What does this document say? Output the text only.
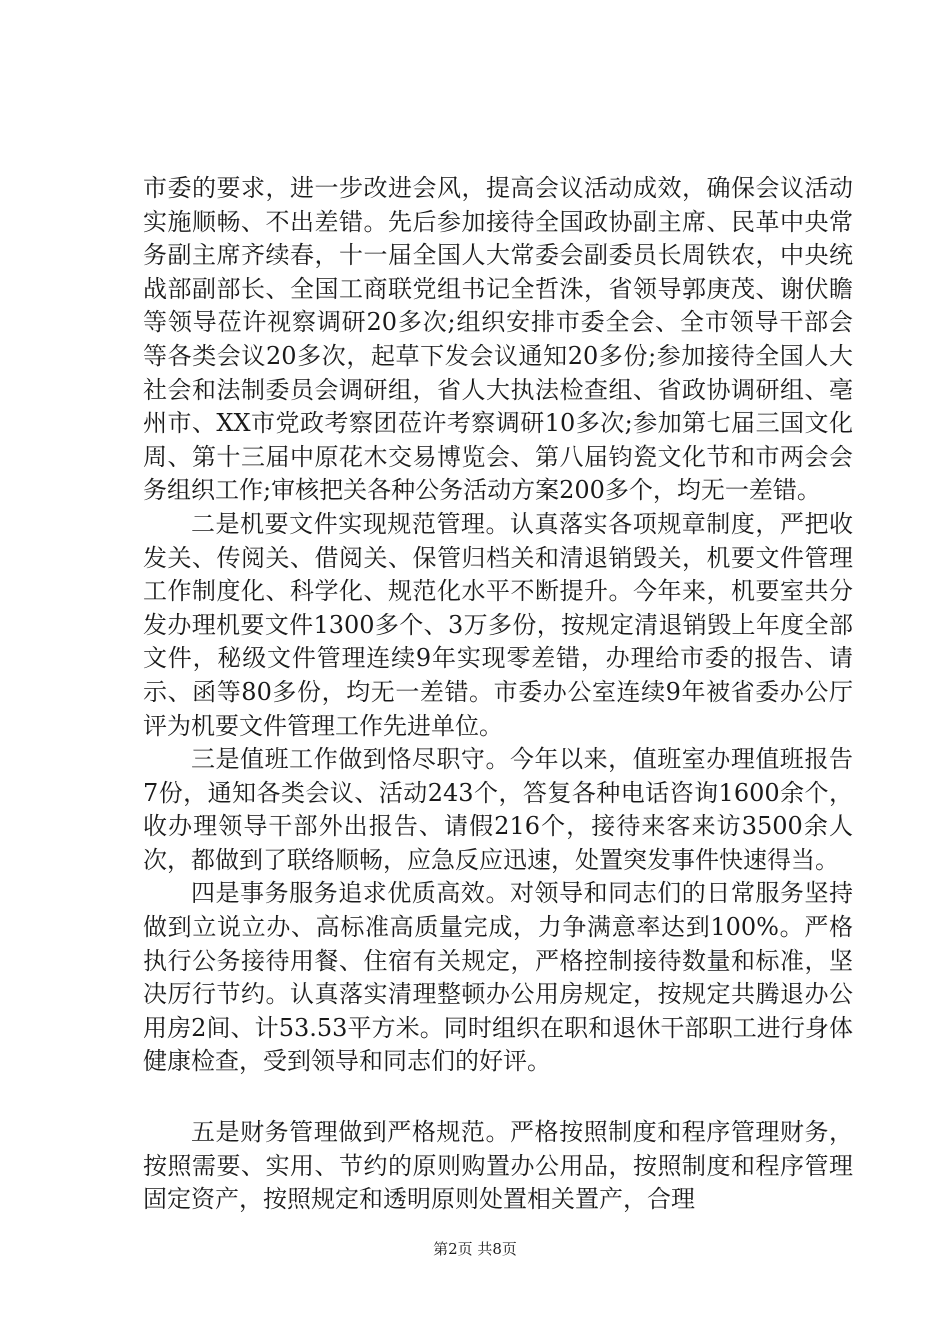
市委的要求，进一步改进会风，提高会议活动成效，确保会议活动实施顺畅、不出差错。先后参加接待全国政协副主席、民革中央常务副主席齐续春，十一届全国人大常委会副委员长周铁农，中央统战部副部长、全国工商联党组书记全哲洙，省领导郭庚茂、谢伏瞻等领导莅许视察调研20多次;组织安排市委全会、全市领导干部会等各类会议20多次，起草下发会议通知20多份;参加接待全国人大社会和法制委员会调研组，省人大执法检查组、省政协调研组、亳州市、XX市党政考察团莅许考察调研10多次;参加第七届三国文化周、第十三届中原花木交易博览会、第八届钧瓷文化节和市两会会务组织工作;审核把关各种公务活动方案200多个，均无一差错。

二是机要文件实现规范管理。认真落实各项规章制度，严把收发关、传阅关、借阅关、保管归档关和清退销毁关，机要文件管理工作制度化、科学化、规范化水平不断提升。今年来，机要室共分发办理机要文件1300多个、3万多份，按规定清退销毁上年度全部文件，秘级文件管理连续9年实现零差错，办理给市委的报告、请示、函等80多份，均无一差错。市委办公室连续9年被省委办公厅评为机要文件管理工作先进单位。

三是值班工作做到恪尽职守。今年以来，值班室办理值班报告7份，通知各类会议、活动243个，答复各种电话咨询1600余个，收办理领导干部外出报告、请假216个，接待来客来访3500余人次，都做到了联络顺畅，应急反应迅速，处置突发事件快速得当。

四是事务服务追求优质高效。对领导和同志们的日常服务坚持做到立说立办、高标准高质量完成，力争满意率达到100%。严格执行公务接待用餐、住宿有关规定，严格控制接待数量和标准，坚决厉行节约。认真落实清理整顿办公用房规定，按规定共腾退办公用房2间、计53.53平方米。同时组织在职和退休干部职工进行身体健康检查，受到领导和同志们的好评。

五是财务管理做到严格规范。严格按照制度和程序管理财务，按照需要、实用、节约的原则购置办公用品，按照制度和程序管理固定资产，按照规定和透明原则处置相关置产，合理

第2页 共8页
